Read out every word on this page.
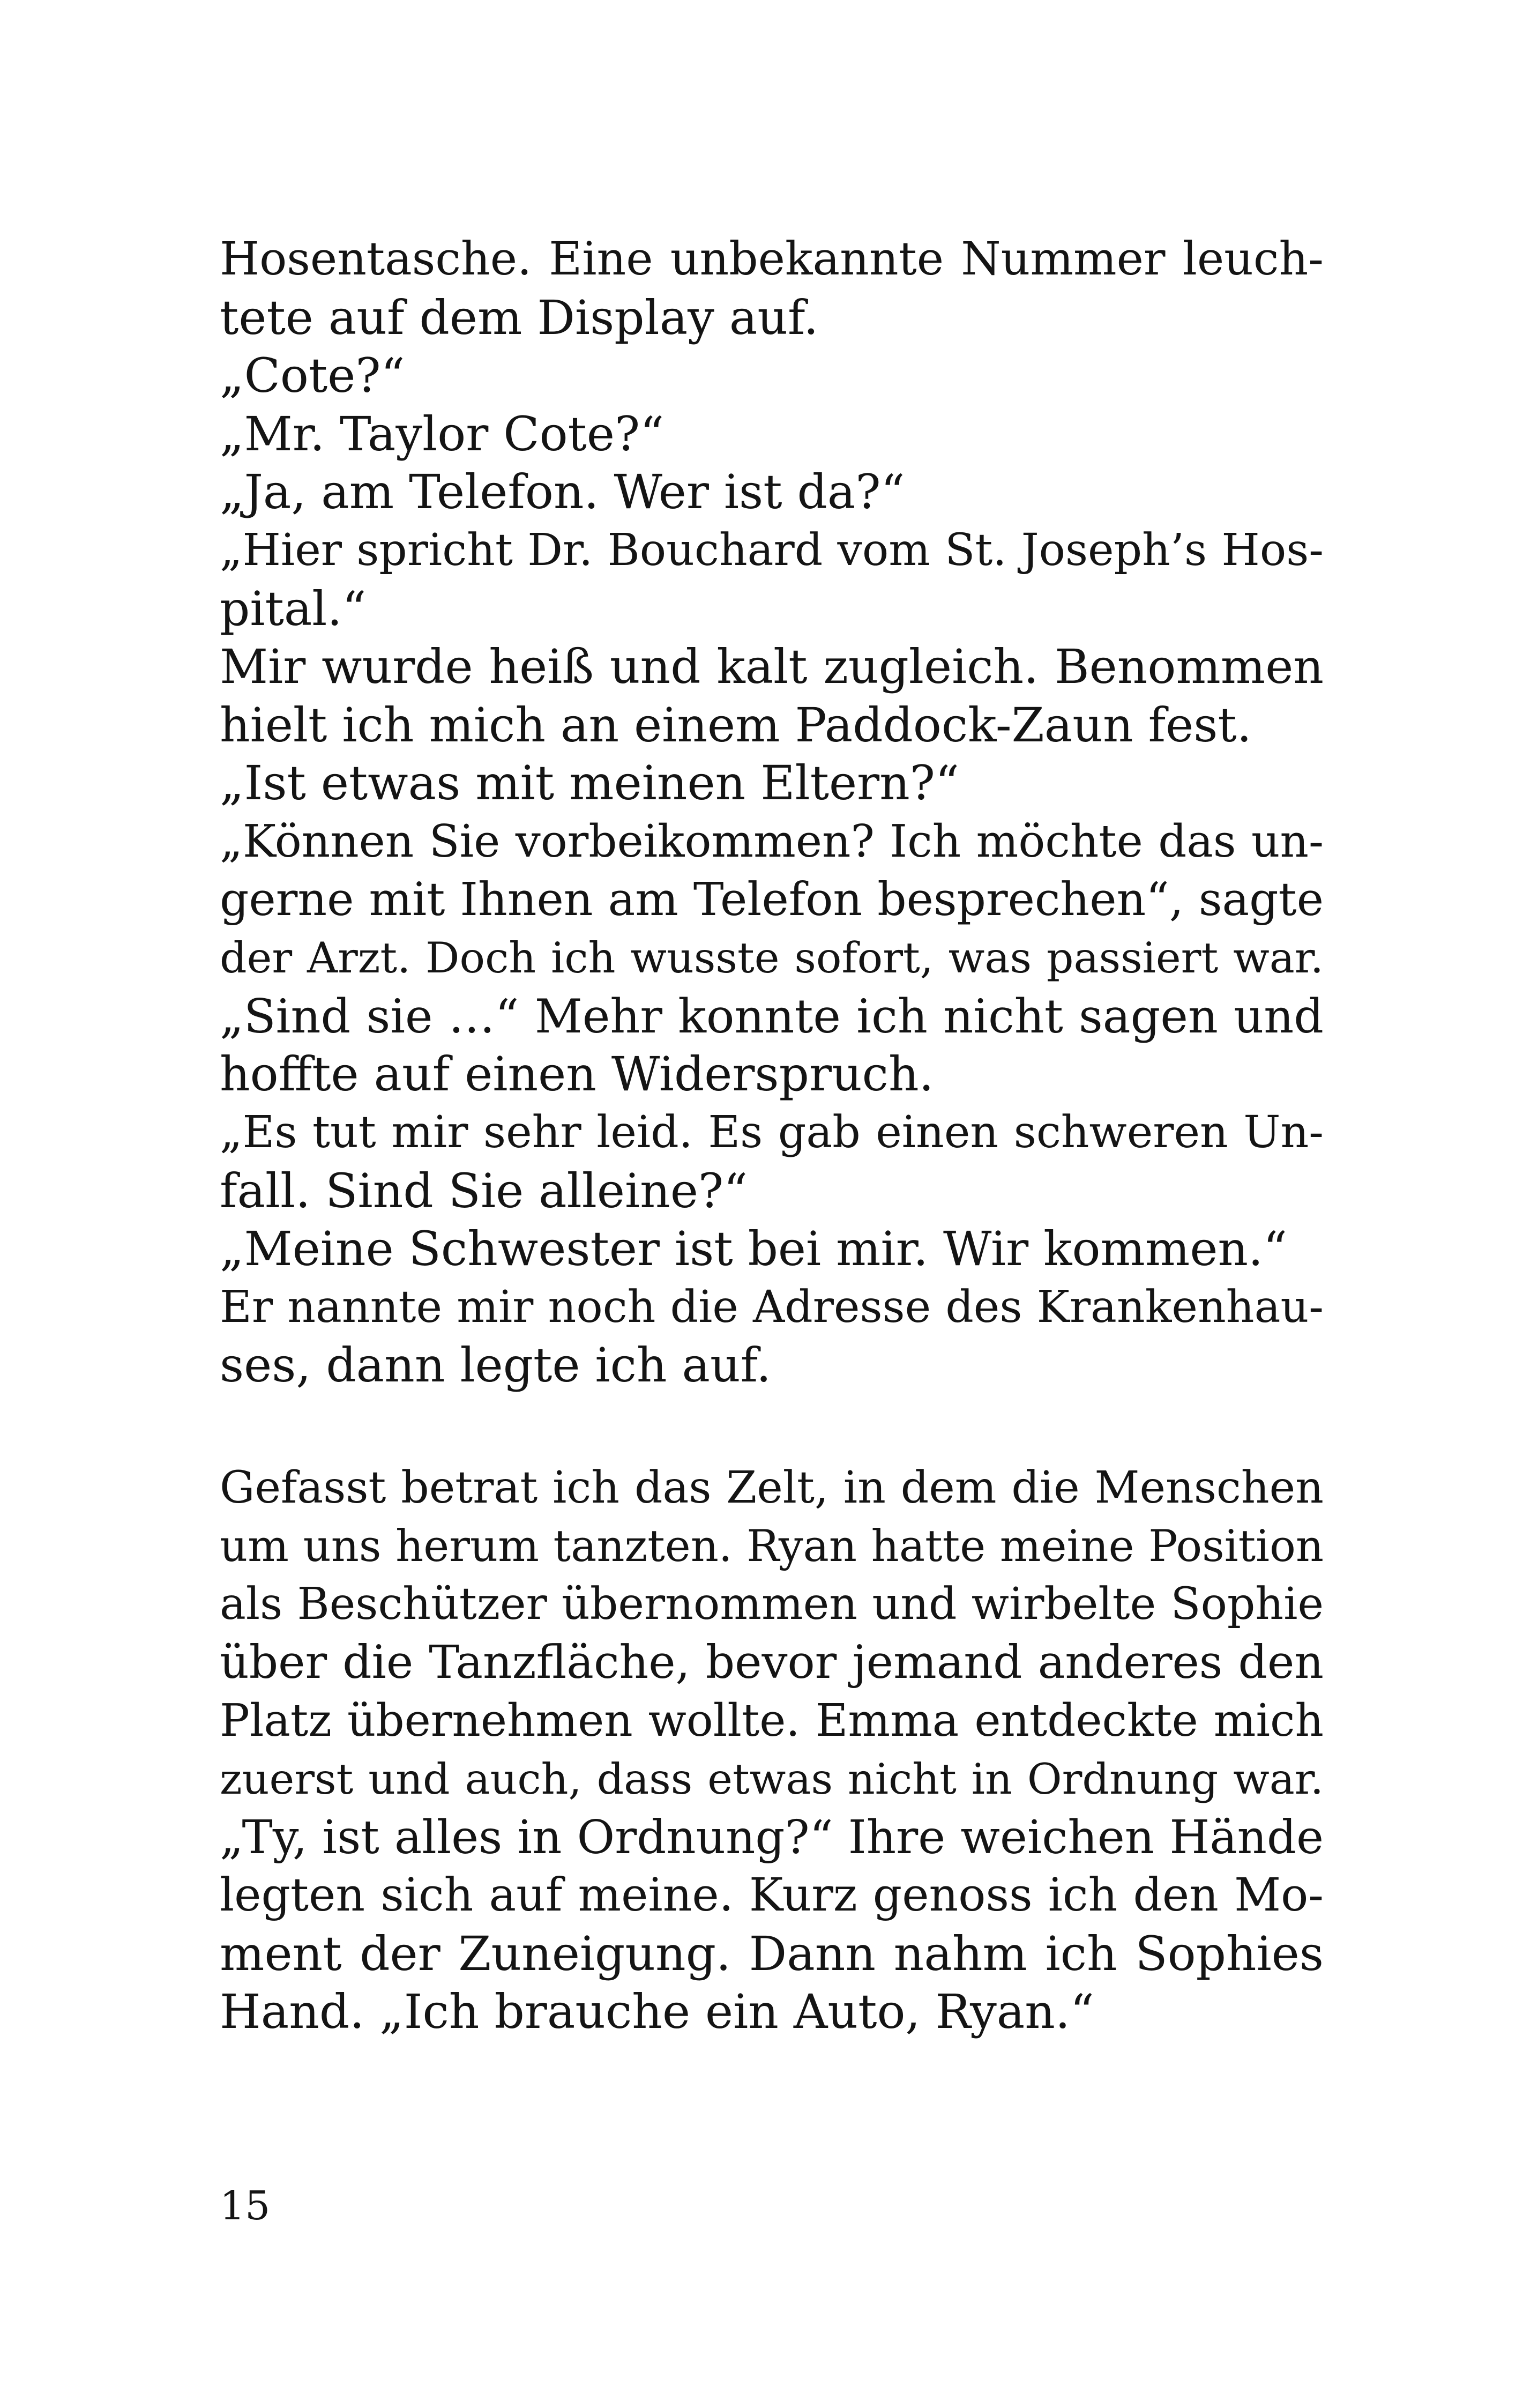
Hosentasche. Eine unbekannte Nummer leuch-
tete auf dem Display auf.
„Cote?“
„Mr. Taylor Cote?“
„Ja, am Telefon. Wer ist da?“
„Hier spricht Dr. Bouchard vom St. Joseph’s Hos-
pital.“
Mir wurde heiß und kalt zugleich. Benommen
hielt ich mich an einem Paddock-Zaun fest.
„Ist etwas mit meinen Eltern?“
„Können Sie vorbeikommen? Ich möchte das un-
gerne mit Ihnen am Telefon besprechen“, sagte
der Arzt. Doch ich wusste sofort, was passiert war.
„Sind sie …“ Mehr konnte ich nicht sagen und
hoffte auf einen Widerspruch.
„Es tut mir sehr leid. Es gab einen schweren Un-
fall. Sind Sie alleine?“
„Meine Schwester ist bei mir. Wir kommen.“
Er nannte mir noch die Adresse des Krankenhau-
ses, dann legte ich auf.
Gefasst betrat ich das Zelt, in dem die Menschen
um uns herum tanzten. Ryan hatte meine Position
als Beschützer übernommen und wirbelte Sophie
über die Tanzfläche, bevor jemand anderes den
Platz übernehmen wollte. Emma entdeckte mich
zuerst und auch, dass etwas nicht in Ordnung war.
„Ty, ist alles in Ordnung?“ Ihre weichen Hände
legten sich auf meine. Kurz genoss ich den Mo-
ment der Zuneigung. Dann nahm ich Sophies
Hand. „Ich brauche ein Auto, Ryan.“
15
